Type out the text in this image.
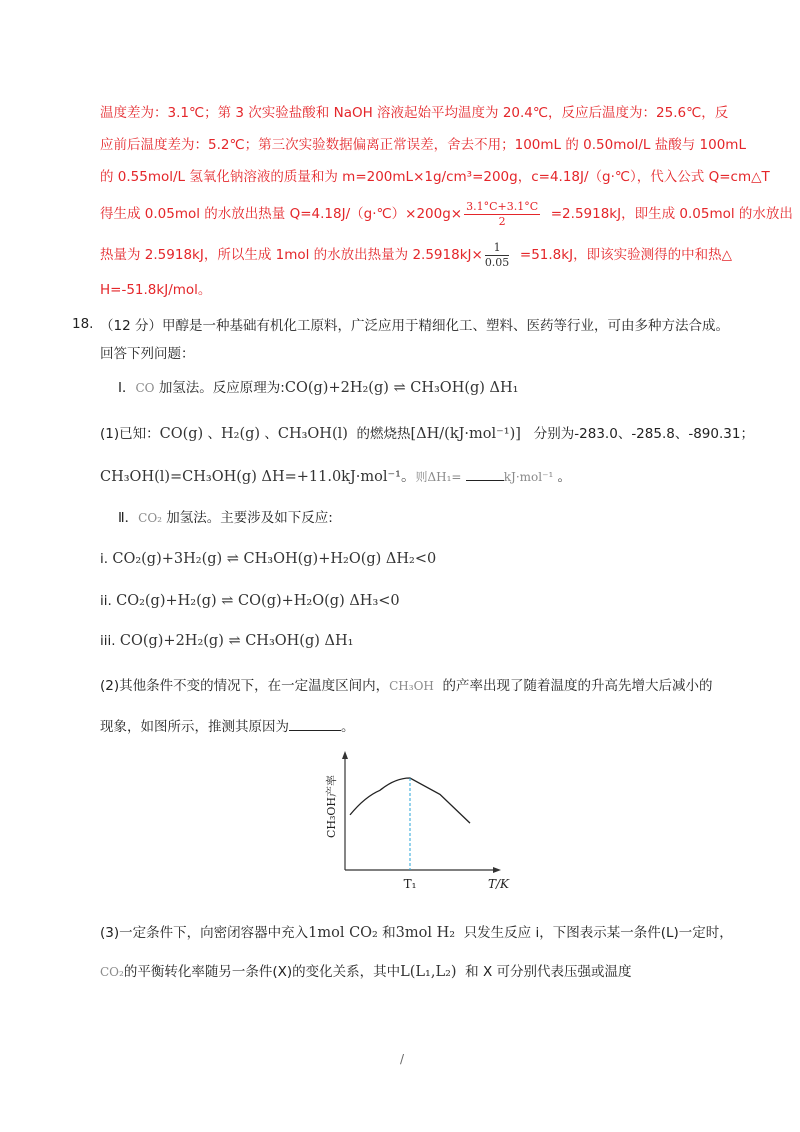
温度差为：3.1℃；第 3 次实验盐酸和 NaOH 溶液起始平均温度为 20.4℃，反应后温度为：25.6℃，反
应前后温度差为：5.2℃；第三次实验数据偏离正常误差，舍去不用；100mL 的 0.50mol/L 盐酸与 100mL
的 0.55mol/L 氢氧化钠溶液的质量和为 m=200mL×1g/cm³=200g，c=4.18J/（g·℃），代入公式 Q=cm△T
得生成 0.05mol 的水放出热量 Q=4.18J/（g·℃）×200g× $\frac{3.1^\circ C+3.1^\circ C}{2} =2.5918kJ$，即生成 0.05mol 的水放出
热量为 2.5918kJ，所以生成 1mol 的水放出热量为 $2.5918kJ\times \frac{1}{0.05} =51.8kJ$，即该实验测得的中和热△
H=-51.8kJ/mol。
18. （12 分）甲醇是一种基础有机化工原料，广泛应用于精细化工、塑料、医药等行业，可由多种方法合成。
回答下列问题：
Ⅰ．CO 加氢法。反应原理为:CO(g)+2H₂(g) ⇌ CH₃OH(g) ΔH₁
(1)已知：CO(g) 、H₂(g) 、CH₃OH(l) 的燃烧热[ΔH/(kJ·mol⁻¹)] 分别为-283.0、-285.8、-890.31；
CH₃OH(l)=CH₃OH(g) ΔH=+11.0kJ·mol⁻¹。则ΔH₁=	kJ·mol⁻¹ 。
Ⅱ．CO₂ 加氢法。主要涉及如下反应:
i. CO₂(g)+3H₂(g) ⇌ CH₃OH(g)+H₂O(g) ΔH₂<0
ii. CO₂(g)+H₂(g) ⇌ CO(g)+H₂O(g) ΔH₃<0
iii. CO(g)+2H₂(g) ⇌ CH₃OH(g) ΔH₁
(2)其他条件不变的情况下，在一定温度区间内，CH₃OH 的产率出现了随着温度的升高先增大后减小的
现象，如图所示，推测其原因为	。
T₁	T/K
CH₃OH产率
(3)一定条件下，向密闭容器中充入1mol CO₂ 和3mol H₂ 只发生反应 i，下图表示某一条件(L)一定时，
CO₂的平衡转化率随另一条件(X)的变化关系，其中L(L₁,L₂) 和 X 可分别代表压强或温度
/
